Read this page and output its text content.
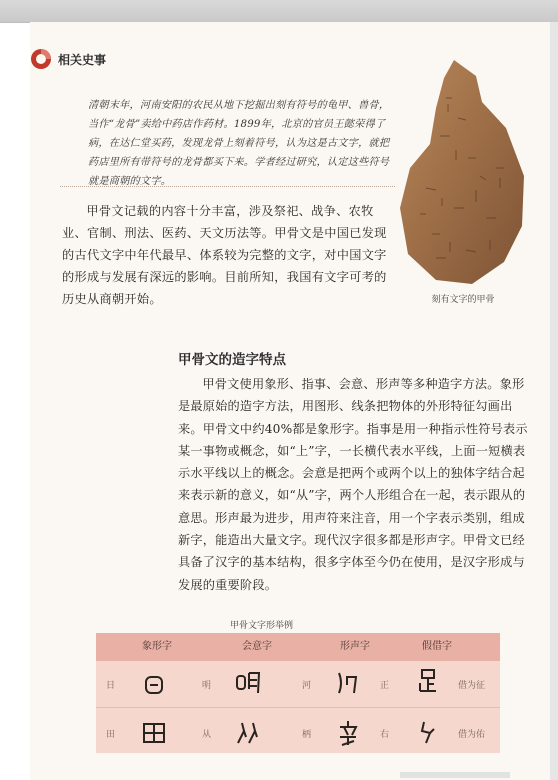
相关史事
清朝末年，河南安阳的农民从地下挖掘出刻有符号的龟甲、兽骨，当作“龙骨”卖给中药店作药材。1899年，北京的官员王懿荣得了病，在达仁堂买药，发现龙骨上刻着符号，认为这是古文字，就把药店里所有带符号的龙骨都买下来。学者经过研究，认定这些符号就是商朝的文字。
甲骨文记载的内容十分丰富，涉及祭祀、战争、农牧业、官制、刑法、医药、天文历法等。甲骨文是中国已发现的古代文字中年代最早、体系较为完整的文字，对中国文字的形成与发展有深远的影响。目前所知，我国有文字可考的历史从商朝开始。	刻有文字的甲骨
甲骨文的造字特点
甲骨文使用象形、指事、会意、形声等多种造字方法。象形是最原始的造字方法，用图形、线条把物体的外形特征勾画出来。甲骨文中约40%都是象形字。指事是用一种指示性符号表示某一事物或概念，如“上”字，一长横代表水平线，上面一短横表示水平线以上的概念。会意是把两个或两个以上的独体字结合起来表示新的意义，如“从”字，两个人形组合在一起，表示跟从的意思。形声最为进步，用声符来注音，用一个字表示类别，组成新字，能造出大量文字。现代汉字很多都是形声字。甲骨文已经具备了汉字的基本结构，很多字体至今仍在使用，是汉字形成与发展的重要阶段。
甲骨文字形举例
象形字	会意字	形声字	假借字
日	明	河	正	借为征
田	从	柄	右	借为佑
